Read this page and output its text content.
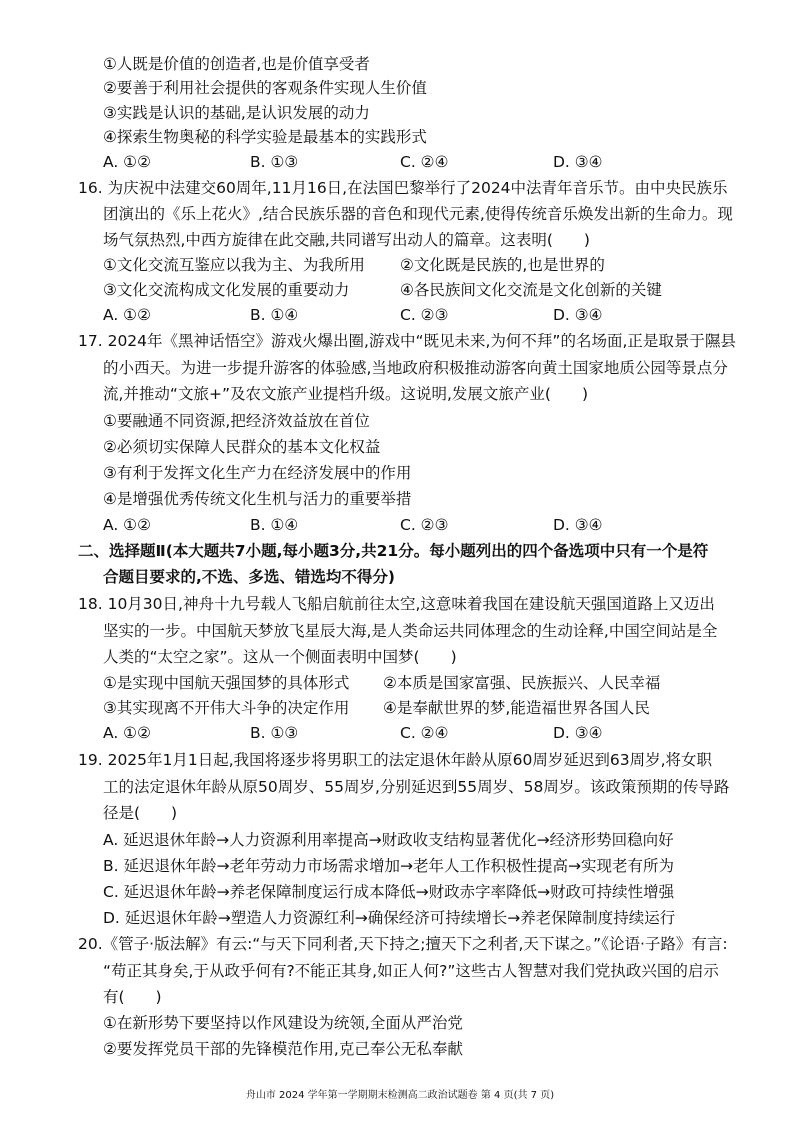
①人既是价值的创造者,也是价值享受者
②要善于利用社会提供的客观条件实现人生价值
③实践是认识的基础,是认识发展的动力
④探索生物奥秘的科学实验是最基本的实践形式
A. ①②	B. ①③	C. ②④	D. ③④
16. 为庆祝中法建交60周年,11月16日,在法国巴黎举行了2024中法青年音乐节。由中央民族乐
团演出的《乐上花火》,结合民族乐器的音色和现代元素,使得传统音乐焕发出新的生命力。现
场气氛热烈,中西方旋律在此交融,共同谱写出动人的篇章。这表明(　　)
①文化交流互鉴应以我为主、为我所用 ②文化既是民族的,也是世界的
③文化交流构成文化发展的重要动力	④各民族间文化交流是文化创新的关键
A. ①②	B. ①④	C. ②③	D. ③④
17. 2024年《黑神话悟空》游戏火爆出圈,游戏中“既见未来,为何不拜”的名场面,正是取景于隰县
的小西天。为进一步提升游客的体验感,当地政府积极推动游客向黄土国家地质公园等景点分
流,并推动“文旅+”及农文旅产业提档升级。这说明,发展文旅产业(　　)
①要融通不同资源,把经济效益放在首位
②必须切实保障人民群众的基本文化权益
③有利于发挥文化生产力在经济发展中的作用
④是增强优秀传统文化生机与活力的重要举措
A. ①②	B. ①④	C. ②③	D. ③④
二、选择题Ⅱ(本大题共7小题,每小题3分,共21分。每小题列出的四个备选项中只有一个是符
合题目要求的,不选、多选、错选均不得分)
18. 10月30日,神舟十九号载人飞船启航前往太空,这意味着我国在建设航天强国道路上又迈出
坚实的一步。中国航天梦放飞星辰大海,是人类命运共同体理念的生动诠释,中国空间站是全
人类的“太空之家”。这从一个侧面表明中国梦(　　)
①是实现中国航天强国梦的具体形式 ②本质是国家富强、民族振兴、人民幸福
③其实现离不开伟大斗争的决定作用 ④是奉献世界的梦,能造福世界各国人民
A. ①②	B. ①③	C. ②④	D. ③④
19. 2025年1月1日起,我国将逐步将男职工的法定退休年龄从原60周岁延迟到63周岁,将女职
工的法定退休年龄从原50周岁、55周岁,分别延迟到55周岁、58周岁。该政策预期的传导路
径是(　　)
A. 延迟退休年龄→人力资源利用率提高→财政收支结构显著优化→经济形势回稳向好
B. 延迟退休年龄→老年劳动力市场需求增加→老年人工作积极性提高→实现老有所为
C. 延迟退休年龄→养老保障制度运行成本降低→财政赤字率降低→财政可持续性增强
D. 延迟退休年龄→塑造人力资源红利→确保经济可持续增长→养老保障制度持续运行
20.《管子·版法解》有云:“与天下同利者,天下持之;擅天下之利者,天下谋之。”《论语·子路》有言:
“苟正其身矣,于从政乎何有?不能正其身,如正人何?”这些古人智慧对我们党执政兴国的启示
有(　　)
①在新形势下要坚持以作风建设为统领,全面从严治党
②要发挥党员干部的先锋模范作用,克己奉公无私奉献
舟山市 2024 学年第一学期期末检测高二政治试题卷 第 4 页(共 7 页)
